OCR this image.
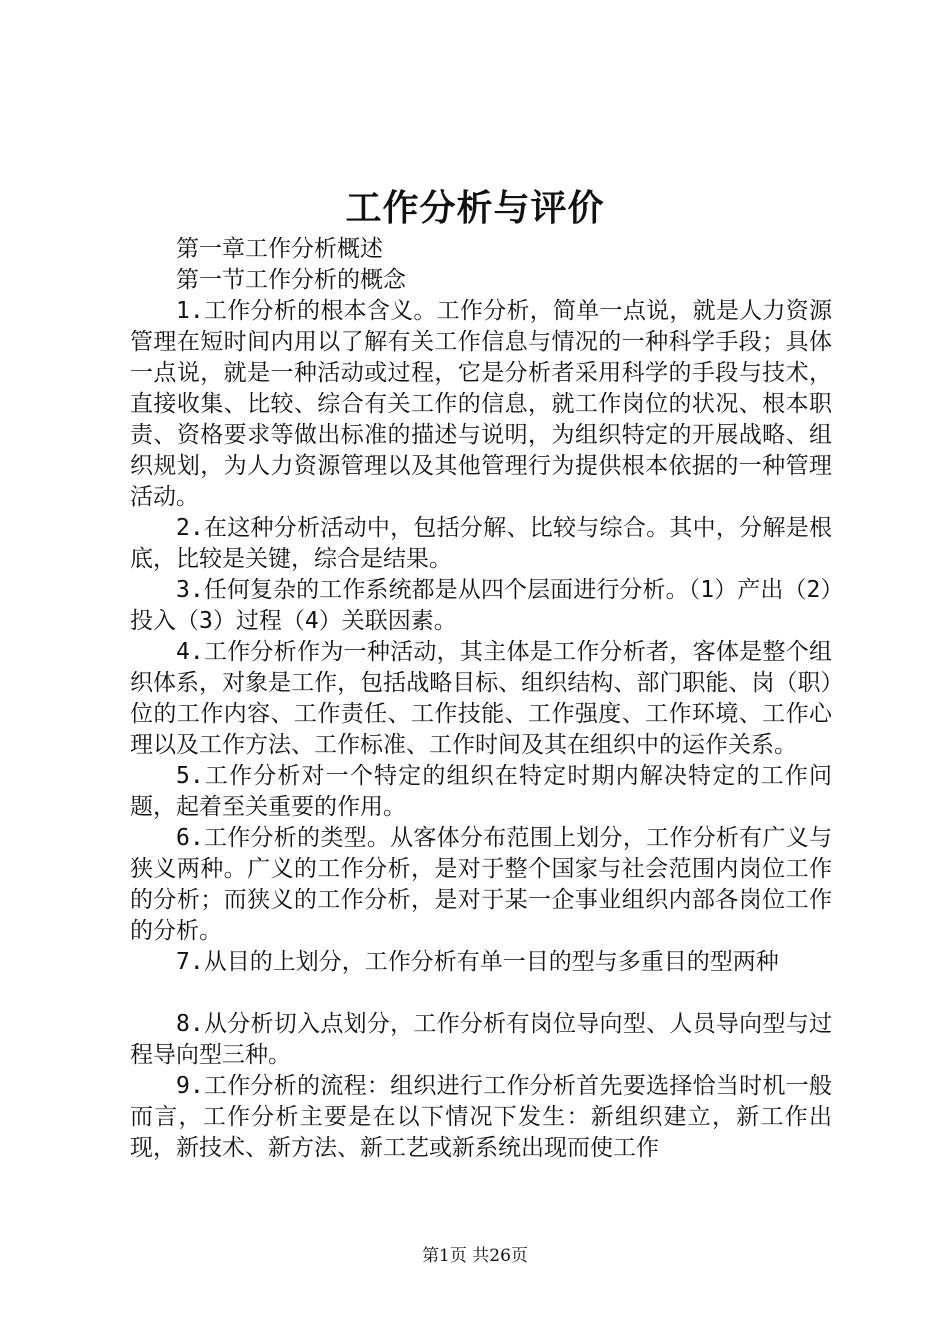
工作分析与评价

第一章工作分析概述

第一节工作分析的概念

1.工作分析的根本含义。工作分析，简单一点说，就是人力资源管理在短时间内用以了解有关工作信息与情况的一种科学手段；具体一点说，就是一种活动或过程，它是分析者采用科学的手段与技术，直接收集、比较、综合有关工作的信息，就工作岗位的状况、根本职责、资格要求等做出标准的描述与说明，为组织特定的开展战略、组织规划，为人力资源管理以及其他管理行为提供根本依据的一种管理活动。

2.在这种分析活动中，包括分解、比较与综合。其中，分解是根底，比较是关键，综合是结果。

3.任何复杂的工作系统都是从四个层面进行分析。（1）产出（2）投入（3）过程（4）关联因素。

4.工作分析作为一种活动，其主体是工作分析者，客体是整个组织体系，对象是工作，包括战略目标、组织结构、部门职能、岗（职）位的工作内容、工作责任、工作技能、工作强度、工作环境、工作心理以及工作方法、工作标准、工作时间及其在组织中的运作关系。

5.工作分析对一个特定的组织在特定时期内解决特定的工作问题，起着至关重要的作用。

6.工作分析的类型。从客体分布范围上划分，工作分析有广义与狭义两种。广义的工作分析，是对于整个国家与社会范围内岗位工作的分析；而狭义的工作分析，是对于某一企事业组织内部各岗位工作的分析。

7.从目的上划分，工作分析有单一目的型与多重目的型两种

8.从分析切入点划分，工作分析有岗位导向型、人员导向型与过程导向型三种。

9.工作分析的流程：组织进行工作分析首先要选择恰当时机一般而言，工作分析主要是在以下情况下发生：新组织建立，新工作出现，新技术、新方法、新工艺或新系统出现而使工作

第1页 共26页
